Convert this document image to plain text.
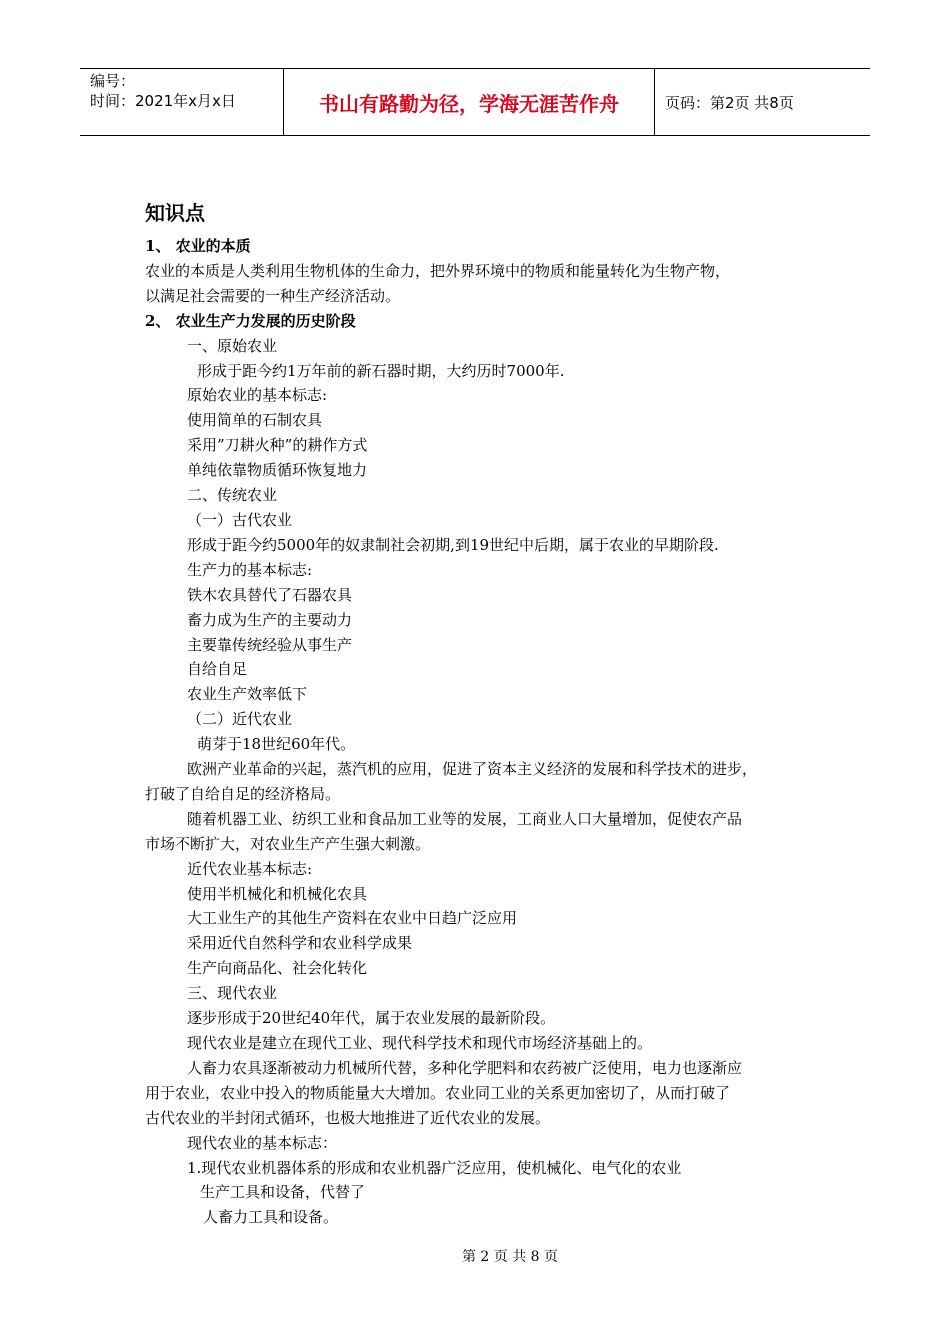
编号：
时间：2021年x月x日	书山有路勤为径，学海无涯苦作舟	页码：第2页 共8页
知识点
1、 农业的本质
农业的本质是人类利用生物机体的生命力，把外界环境中的物质和能量转化为生物产物，
以满足社会需要的一种生产经济活动。
2、 农业生产力发展的历史阶段
一、原始农业
形成于距今约1万年前的新石器时期，大约历时7000年.
原始农业的基本标志:
使用简单的石制农具
采用”刀耕火种”的耕作方式
单纯依靠物质循环恢复地力
二、传统农业
（一）古代农业
形成于距今约5000年的奴隶制社会初期,到19世纪中后期，属于农业的早期阶段.
生产力的基本标志:
铁木农具替代了石器农具
畜力成为生产的主要动力
主要靠传统经验从事生产
自给自足
农业生产效率低下
（二）近代农业
萌芽于18世纪60年代。
欧洲产业革命的兴起，蒸汽机的应用，促进了资本主义经济的发展和科学技术的进步，
打破了自给自足的经济格局。
随着机器工业、纺织工业和食品加工业等的发展，工商业人口大量增加，促使农产品
市场不断扩大，对农业生产产生强大刺激。
近代农业基本标志:
使用半机械化和机械化农具
大工业生产的其他生产资料在农业中日趋广泛应用
采用近代自然科学和农业科学成果
生产向商品化、社会化转化
三、现代农业
逐步形成于20世纪40年代，属于农业发展的最新阶段。
现代农业是建立在现代工业、现代科学技术和现代市场经济基础上的。
人畜力农具逐渐被动力机械所代替，多种化学肥料和农药被广泛使用，电力也逐渐应
用于农业，农业中投入的物质能量大大增加。农业同工业的关系更加密切了，从而打破了
古代农业的半封闭式循环，也极大地推进了近代农业的发展。
现代农业的基本标志：
1.现代农业机器体系的形成和农业机器广泛应用，使机械化、电气化的农业
生产工具和设备，代替了
人畜力工具和设备。
第 2 页 共 8 页
